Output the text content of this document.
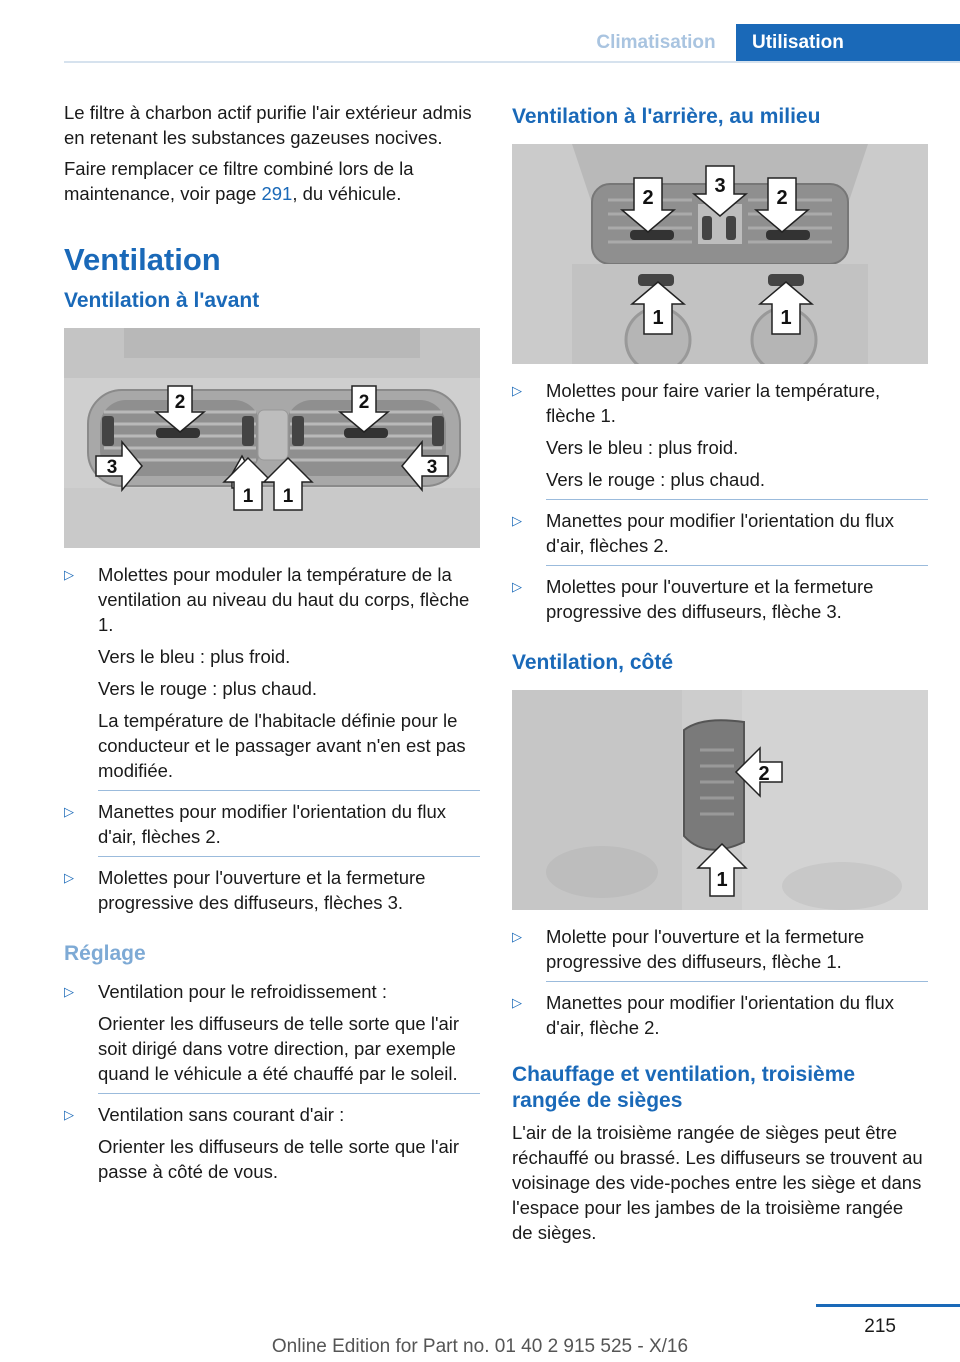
Climatisation	Utilisation

Le filtre à charbon actif purifie l'air extérieur admis en retenant les substances gazeuses nocives.

Faire remplacer ce filtre combiné lors de la maintenance, voir page 291, du véhicule.

Ventilation
Ventilation à l'avant
2	2
3
1 1
3
▷ Molettes pour moduler la température de la ventilation au niveau du haut du corps, flèche 1.
Vers le bleu : plus froid.
Vers le rouge : plus chaud.
La température de l'habitacle définie pour le conducteur et le passager avant n'en est pas modifiée.
▷ Manettes pour modifier l'orientation du flux d'air, flèches 2.
▷ Molettes pour l'ouverture et la fermeture progressive des diffuseurs, flèches 3.
Réglage
▷ Ventilation pour le refroidissement :
Orienter les diffuseurs de telle sorte que l'air soit dirigé dans votre direction, par exemple quand le véhicule a été chauffé par le soleil.
▷ Ventilation sans courant d'air :
Orienter les diffuseurs de telle sorte que l'air passe à côté de vous.
Ventilation à l'arrière, au milieu
2
3
2
1	1
▷ Molettes pour faire varier la température, flèche 1.
Vers le bleu : plus froid.
Vers le rouge : plus chaud.
▷ Manettes pour modifier l'orientation du flux d'air, flèches 2.
▷ Molettes pour l'ouverture et la fermeture progressive des diffuseurs, flèche 3.
Ventilation, côté
2
1
▷ Molette pour l'ouverture et la fermeture progressive des diffuseurs, flèche 1.
▷ Manettes pour modifier l'orientation du flux d'air, flèche 2.
Chauffage et ventilation, troisième rangée de sièges

L'air de la troisième rangée de sièges peut être réchauffé ou brassé. Les diffuseurs se trouvent au voisinage des vide-poches entre les siège et dans l'espace pour les jambes de la troisième rangée de sièges.

215
Online Edition for Part no. 01 40 2 915 525 - X/16
